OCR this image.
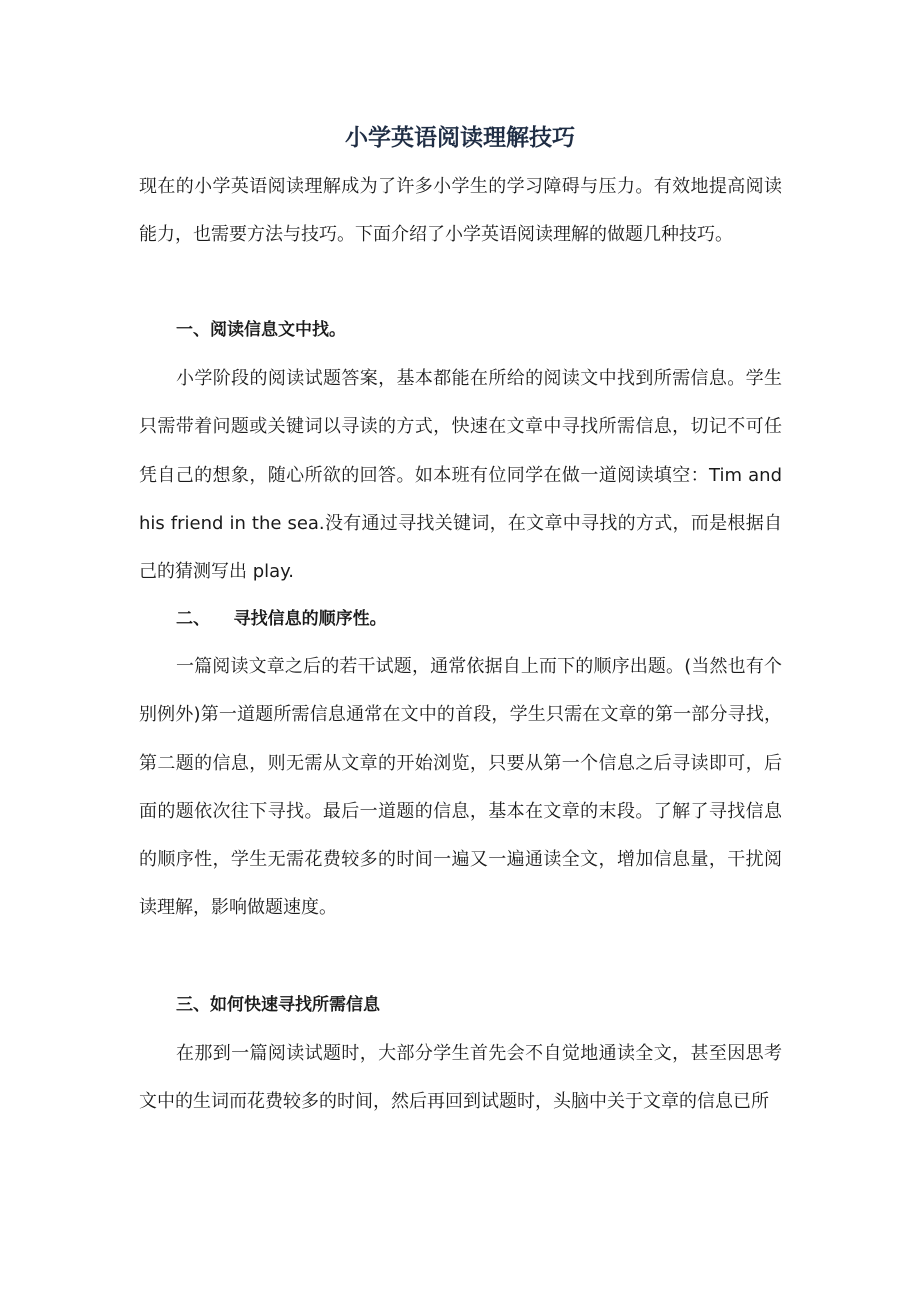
小学英语阅读理解技巧

现在的小学英语阅读理解成为了许多小学生的学习障碍与压力。有效地提高阅读能力，也需要方法与技巧。下面介绍了小学英语阅读理解的做题几种技巧。

一、阅读信息文中找。

小学阶段的阅读试题答案，基本都能在所给的阅读文中找到所需信息。学生只需带着问题或关键词以寻读的方式，快速在文章中寻找所需信息，切记不可任凭自己的想象，随心所欲的回答。如本班有位同学在做一道阅读填空：Tim and his friend in the sea.没有通过寻找关键词，在文章中寻找的方式，而是根据自己的猜测写出 play.

二、    寻找信息的顺序性。

一篇阅读文章之后的若干试题，通常依据自上而下的顺序出题。(当然也有个别例外)第一道题所需信息通常在文中的首段，学生只需在文章的第一部分寻找，第二题的信息，则无需从文章的开始浏览，只要从第一个信息之后寻读即可，后面的题依次往下寻找。最后一道题的信息，基本在文章的末段。了解了寻找信息的顺序性，学生无需花费较多的时间一遍又一遍通读全文，增加信息量，干扰阅读理解，影响做题速度。

三、如何快速寻找所需信息

在那到一篇阅读试题时，大部分学生首先会不自觉地通读全文，甚至因思考文中的生词而花费较多的时间，然后再回到试题时，头脑中关于文章的信息已所
